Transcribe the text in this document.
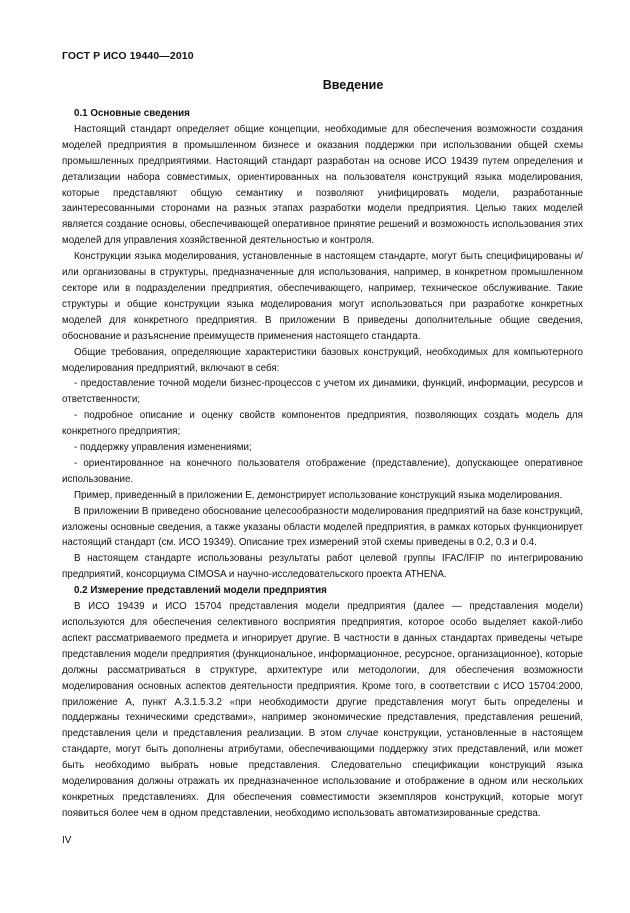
ГОСТ Р ИСО 19440—2010
Введение
0.1 Основные сведения

Настоящий стандарт определяет общие концепции, необходимые для обеспечения возможности создания моделей предприятия в промышленном бизнесе и оказания поддержки при использовании общей схемы промышленных предприятиями. Настоящий стандарт разработан на основе ИСО 19439 путем определения и детализации набора совместимых, ориентированных на пользователя конструкций языка моделирования, которые представляют общую семантику и позволяют унифицировать модели, разработанные заинтересованными сторонами на разных этапах разработки модели предприятия. Целью таких моделей является создание основы, обеспечивающей оперативное принятие решений и возможность использования этих моделей для управления хозяйственной деятельностью и контроля.

Конструкции языка моделирования, установленные в настоящем стандарте, могут быть специфицированы и/или организованы в структуры, предназначенные для использования, например, в конкретном промышленном секторе или в подразделении предприятия, обеспечивающего, например, техническое обслуживание. Такие структуры и общие конструкции языка моделирования могут использоваться при разработке конкретных моделей для конкретного предприятия. В приложении В приведены дополнительные общие сведения, обоснование и разъяснение преимуществ применения настоящего стандарта.

Общие требования, определяющие характеристики базовых конструкций, необходимых для компьютерного моделирования предприятий, включают в себя:

- предоставление точной модели бизнес-процессов с учетом их динамики, функций, информации, ресурсов и ответственности;

- подробное описание и оценку свойств компонентов предприятия, позволяющих создать модель для конкретного предприятия;

- поддержку управления изменениями;

- ориентированное на конечного пользователя отображение (представление), допускающее оперативное использование.

Пример, приведенный в приложении Е, демонстрирует использование конструкций языка моделирования.

В приложении В приведено обоснование целесообразности моделирования предприятий на базе конструкций, изложены основные сведения, а также указаны области моделей предприятия, в рамках которых функционирует настоящий стандарт (см. ИСО 19349). Описание трех измерений этой схемы приведены в 0.2, 0.3 и 0.4.

В настоящем стандарте использованы результаты работ целевой группы IFAC/IFIP по интегрированию предприятий, консорциума CIMOSA и научно-исследовательского проекта ATHENA.

0.2 Измерение представлений модели предприятия

В ИСО 19439 и ИСО 15704 представления модели предприятия (далее — представления модели) используются для обеспечения селективного восприятия предприятия, которое особо выделяет какой-либо аспект рассматриваемого предмета и игнорирует другие. В частности в данных стандартах приведены четыре представления модели предприятия (функциональное, информационное, ресурсное, организационное), которые должны рассматриваться в структуре, архитектуре или методологии, для обеспечения возможности моделирования основных аспектов деятельности предприятия. Кроме того, в соответствии с ИСО 15704:2000, приложение А, пункт А.3.1.5.3.2 «при необходимости другие представления могут быть определены и поддержаны техническими средствами», например экономические представления, представления решений, представления цели и представления реализации. В этом случае конструкции, установленные в настоящем стандарте, могут быть дополнены атрибутами, обеспечивающими поддержку этих представлений, или может быть необходимо выбрать новые представления. Следовательно спецификации конструкций языка моделирования должны отражать их предназначенное использование и отображение в одном или нескольких конкретных представлениях. Для обеспечения совместимости экземпляров конструкций, которые могут появиться более чем в одном представлении, необходимо использовать автоматизированные средства.

IV
